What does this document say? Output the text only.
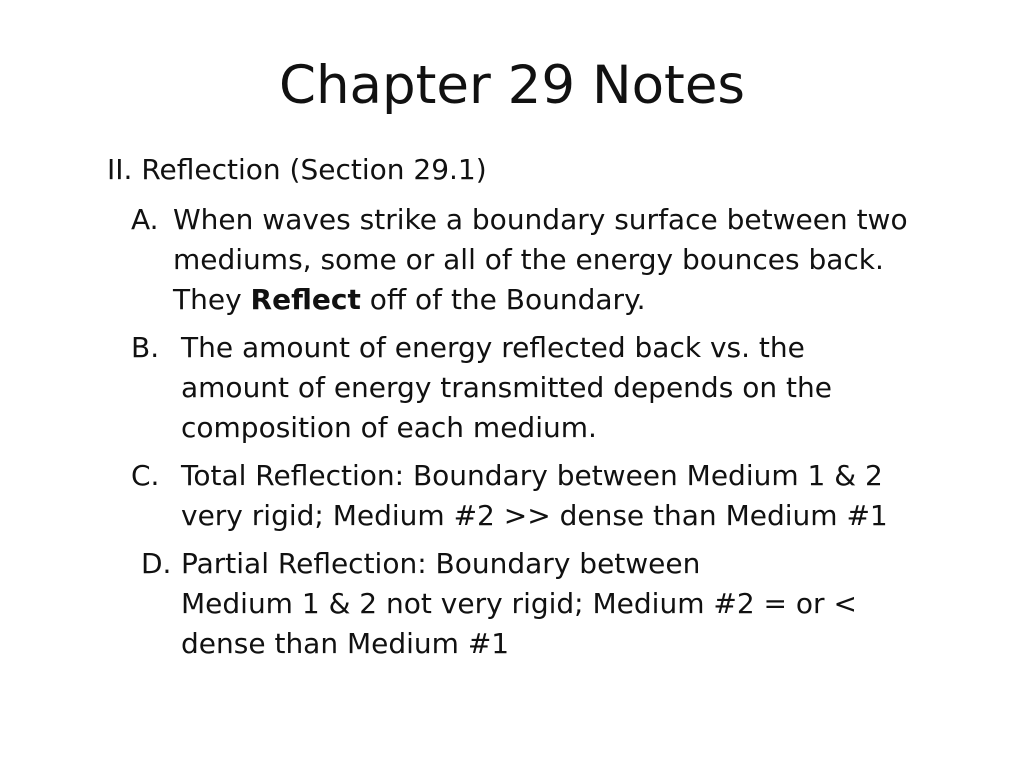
Chapter 29 Notes
II. Reflection (Section 29.1)
A. When waves strike a boundary surface between two
mediums, some or all of the energy bounces back.
They Reflect off of the Boundary.
B. The amount of energy reflected back vs. the
amount of energy transmitted depends on the
composition of each medium.
C. Total Reflection: Boundary between Medium 1 & 2
very rigid; Medium #2 >> dense than Medium #1
D. Partial Reflection: Boundary between
Medium 1 & 2 not very rigid; Medium #2 = or <
dense than Medium #1
